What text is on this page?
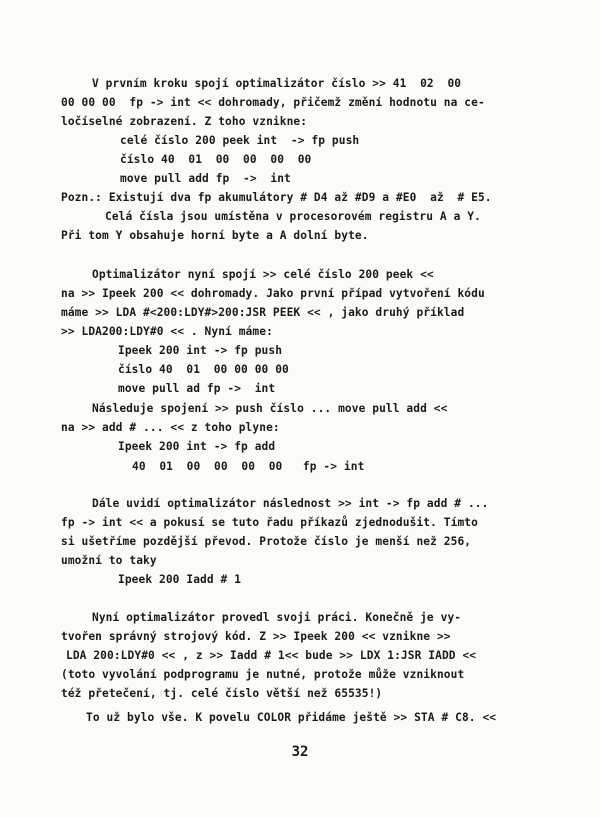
V prvním kroku spojí optimalizátor číslo >> 41  02  00
00 00 00  fp -> int << dohromady, přičemž změní hodnotu na ce-
ločíselné zobrazení. Z toho vznikne:
celé číslo 200 peek int  -> fp push
číslo 40  01  00  00  00  00
move pull add fp  ->  int
Pozn.: Existují dva fp akumulátory # D4 až #D9 a #E0  až  # E5.
Celá čísla jsou umístěna v procesorovém registru A a Y.
Při tom Y obsahuje horní byte a A dolní byte.
Optimalizátor nyní spojí >> celé číslo 200 peek <<
na >> Ipeek 200 << dohromady. Jako první případ vytvoření kódu
máme >> LDA #<200:LDY#>200:JSR PEEK << , jako druhý příklad
>> LDA200:LDY#0 << . Nyní máme:
Ipeek 200 int -> fp push
číslo 40  01  00 00 00 00
move pull ad fp ->  int
Následuje spojení >> push číslo ... move pull add <<
na >> add # ... << z toho plyne:
Ipeek 200 int -> fp add
40  01  00  00  00  00   fp -> int
Dále uvidí optimalizátor následnost >> int -> fp add # ...
fp -> int << a pokusí se tuto řadu příkazů zjednodušit. Tímto
si ušetříme pozdější převod. Protože číslo je menší než 256,
umožní to taky
Ipeek 200 Iadd # 1
Nyní optimalizátor provedl svoji práci. Konečně je vy-
tvořen správný strojový kód. Z >> Ipeek 200 << vznikne >>
LDA 200:LDY#0 << , z >> Iadd # 1<< bude >> LDX 1:JSR IADD <<
(toto vyvolání podprogramu je nutné, protože může vzniknout
též přetečení, tj. celé číslo větší než 65535!)
To už bylo vše. K povelu COLOR přidáme ještě >> STA # C8. <<
32
